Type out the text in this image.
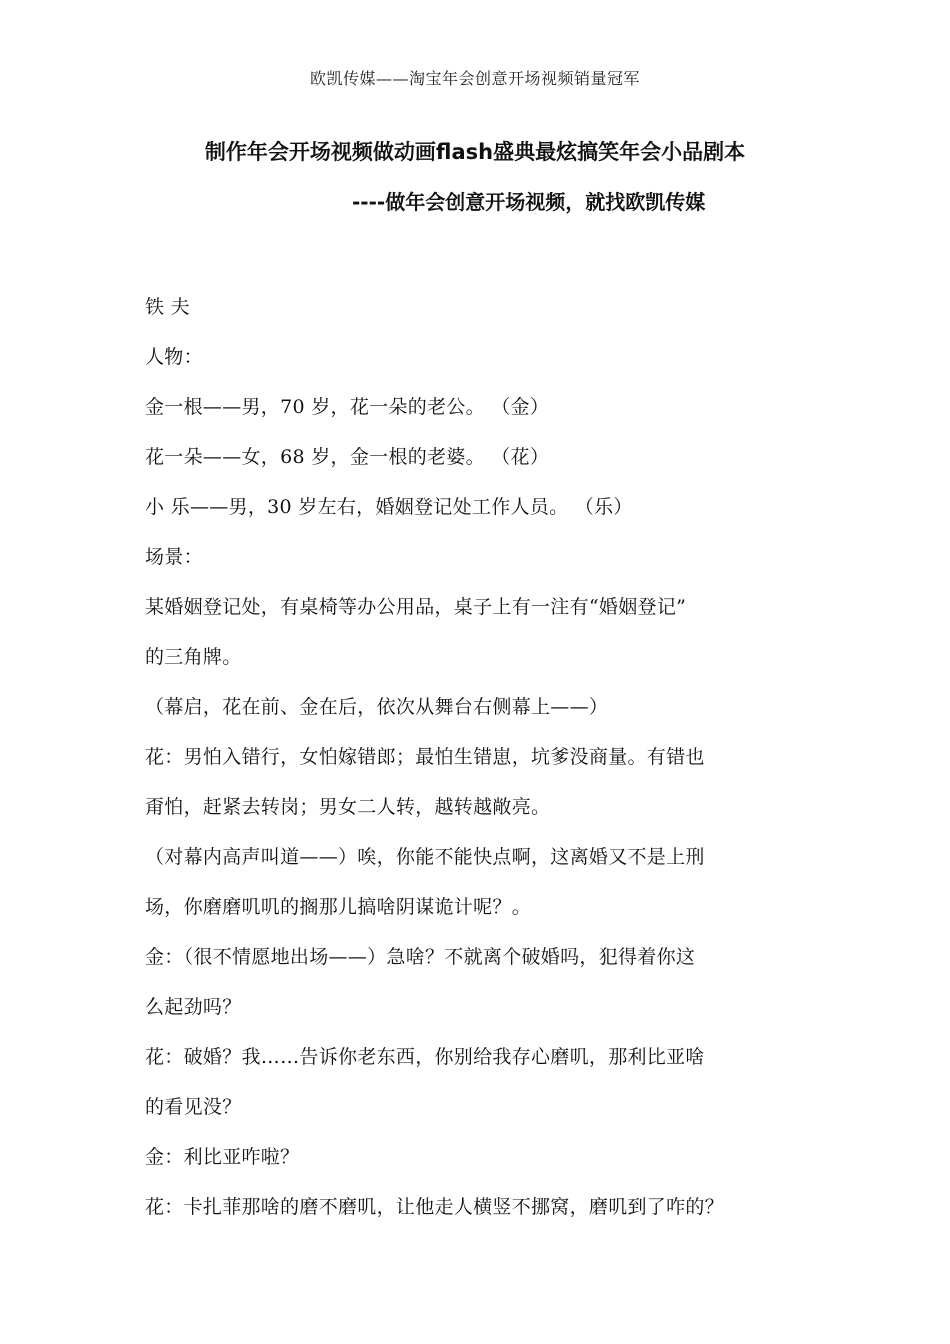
欧凯传媒——淘宝年会创意开场视频销量冠军
制作年会开场视频做动画flash盛典最炫搞笑年会小品剧本
----做年会创意开场视频，就找欧凯传媒

铁 夫

人物：

金一根——男，70 岁，花一朵的老公。 （金）

花一朵——女，68 岁，金一根的老婆。 （花）

小 乐——男，30 岁左右，婚姻登记处工作人员。 （乐）

场景：

某婚姻登记处，有桌椅等办公用品，桌子上有一注有“婚姻登记”

的三角牌。

（幕启，花在前、金在后，依次从舞台右侧幕上——）

花：男怕入错行，女怕嫁错郎；最怕生错崽，坑爹没商量。有错也

甭怕，赶紧去转岗；男女二人转，越转越敞亮。

（对幕内高声叫道——）唉，你能不能快点啊，这离婚又不是上刑

场，你磨磨叽叽的搁那儿搞啥阴谋诡计呢？。

金：（很不情愿地出场——）急啥？不就离个破婚吗，犯得着你这

么起劲吗？

花：破婚？我……告诉你老东西，你别给我存心磨叽，那利比亚啥

的看见没？

金：利比亚咋啦？

花：卡扎菲那啥的磨不磨叽，让他走人横竖不挪窝，磨叽到了咋的？
